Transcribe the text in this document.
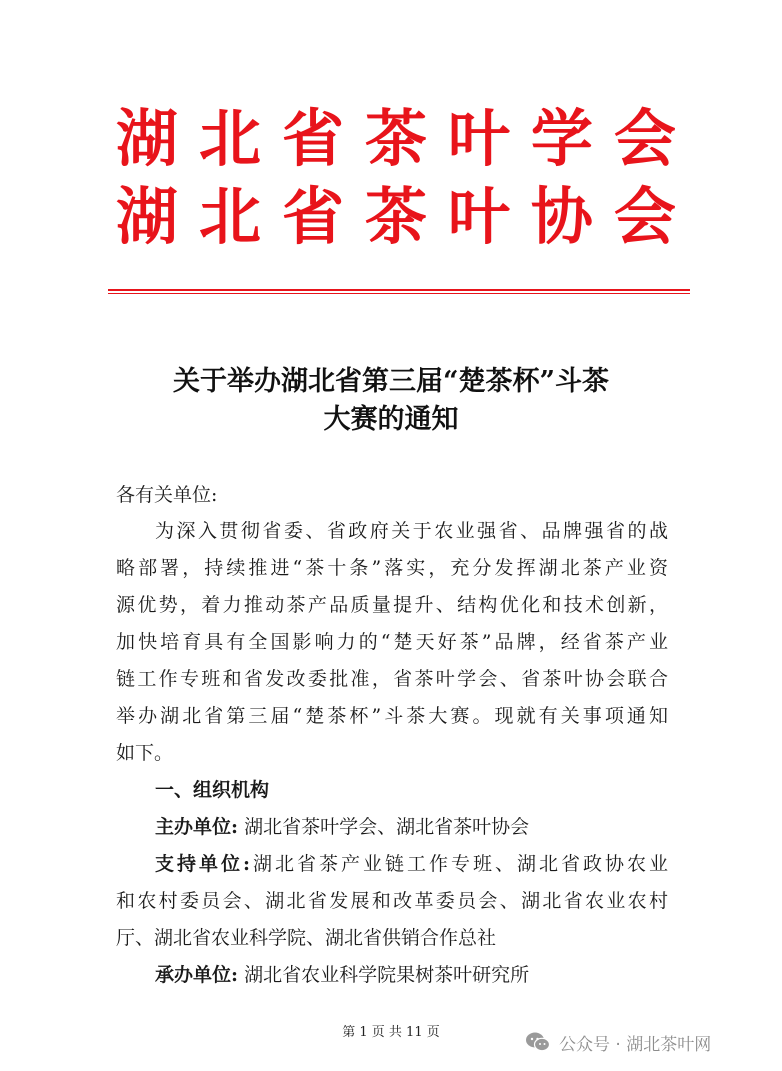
湖 北 省 茶 叶 学 会
湖 北 省 茶 叶 协 会
关于举办湖北省第三届“楚茶杯”斗茶
大赛的通知
各有关单位:
为深入贯彻省委、省政府关于农业强省、品牌强省的战
略部署，持续推进“茶十条”落实，充分发挥湖北茶产业资
源优势，着力推动茶产品质量提升、结构优化和技术创新，
加快培育具有全国影响力的“楚天好茶”品牌，经省茶产业
链工作专班和省发改委批准，省茶叶学会、省茶叶协会联合
举办湖北省第三届“楚茶杯”斗茶大赛。现就有关事项通知
如下。
一、组织机构
主办单位: 湖北省茶叶学会、湖北省茶叶协会
支持单位:湖北省茶产业链工作专班、湖北省政协农业
和农村委员会、湖北省发展和改革委员会、湖北省农业农村
厅、湖北省农业科学院、湖北省供销合作总社
承办单位: 湖北省农业科学院果树茶叶研究所
第 1 页 共 11 页
公众号 · 湖北茶叶网
